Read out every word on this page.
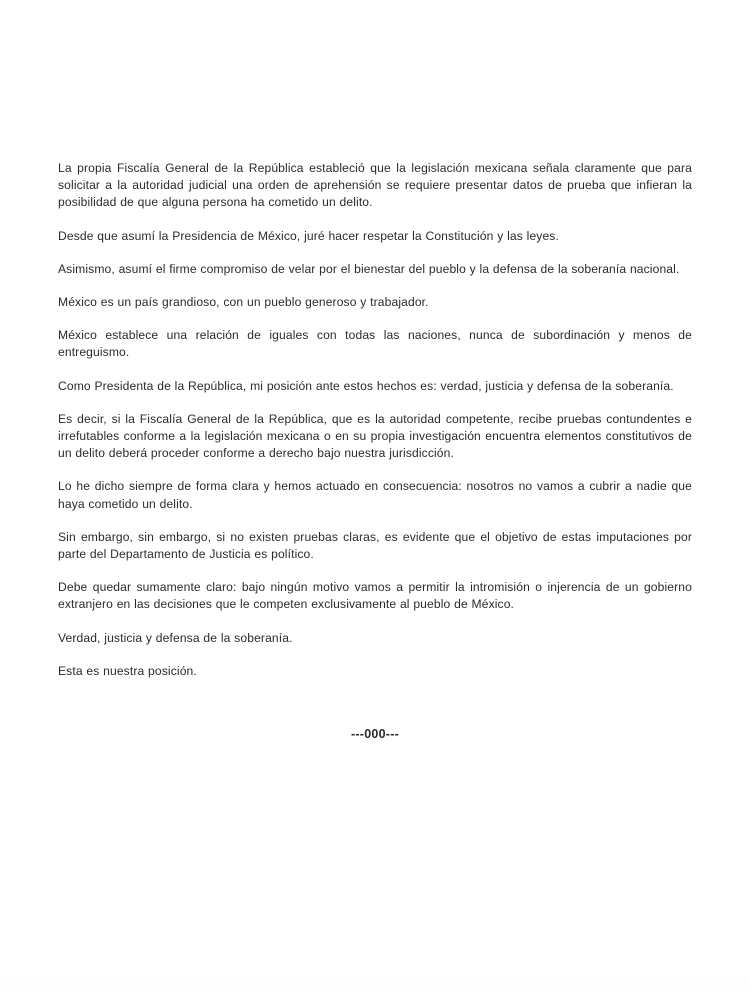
La propia Fiscalía General de la República estableció que la legislación mexicana señala claramente que para solicitar a la autoridad judicial una orden de aprehensión se requiere presentar datos de prueba que infieran la posibilidad de que alguna persona ha cometido un delito.

Desde que asumí la Presidencia de México, juré hacer respetar la Constitución y las leyes.

Asimismo, asumí el firme compromiso de velar por el bienestar del pueblo y la defensa de la soberanía nacional.

México es un país grandioso, con un pueblo generoso y trabajador.

México establece una relación de iguales con todas las naciones, nunca de subordinación y menos de entreguismo.

Como Presidenta de la República, mi posición ante estos hechos es: verdad, justicia y defensa de la soberanía.

Es decir, si la Fiscalía General de la República, que es la autoridad competente, recibe pruebas contundentes e irrefutables conforme a la legislación mexicana o en su propia investigación encuentra elementos constitutivos de un delito deberá proceder conforme a derecho bajo nuestra jurisdicción.

Lo he dicho siempre de forma clara y hemos actuado en consecuencia: nosotros no vamos a cubrir a nadie que haya cometido un delito.

Sin embargo, sin embargo, si no existen pruebas claras, es evidente que el objetivo de estas imputaciones por parte del Departamento de Justicia es político.

Debe quedar sumamente claro: bajo ningún motivo vamos a permitir la intromisión o injerencia de un gobierno extranjero en las decisiones que le competen exclusivamente al pueblo de México.

Verdad, justicia y defensa de la soberanía.

Esta es nuestra posición.

---000---
